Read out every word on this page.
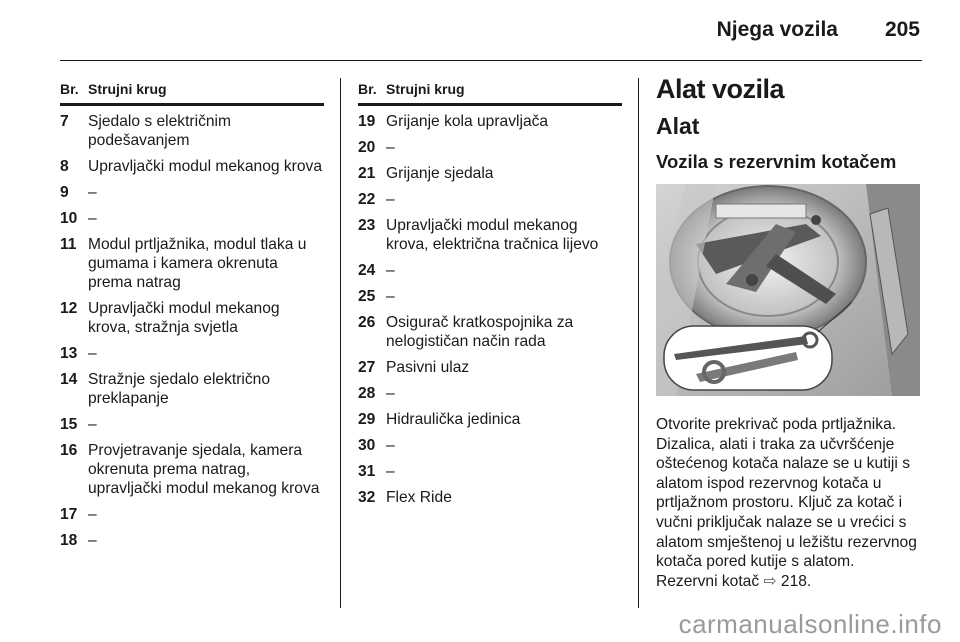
Njega vozila 205
Br. Strujni krug
7	Sjedalo s električnim podešavanjem
8	Upravljački modul mekanog krova
9	–
10 –
11 Modul prtljažnika, modul tlaka u gumama i kamera okrenuta prema natrag
12 Upravljački modul mekanog krova, stražnja svjetla
13 –
14 Stražnje sjedalo električno preklapanje
15 –
16 Provjetravanje sjedala, kamera okrenuta prema natrag, upravljački modul mekanog krova
17 –
18 –
Br. Strujni krug
19 Grijanje kola upravljača
20 –
21 Grijanje sjedala
22 –
23 Upravljački modul mekanog krova, električna tračnica lijevo
24 –
25 –
26 Osigurač kratkospojnika za nelogističan način rada
27 Pasivni ulaz
28 –
29 Hidraulička jedinica
30 –
31 –
32 Flex Ride
Alat vozila
Alat
Vozila s rezervnim kotačem
Otvorite prekrivač poda prtljažnika. Dizalica, alati i traka za učvršćenje oštećenog kotača nalaze se u kutiji s alatom ispod rezervnog kotača u prtljažnom prostoru. Ključ za kotač i vučni priključak nalaze se u vrećici s alatom smještenoj u ležištu rezervnog kotača pored kutije s alatom.
Rezervni kotač ⇨ 218.
carmanualsonline.info
